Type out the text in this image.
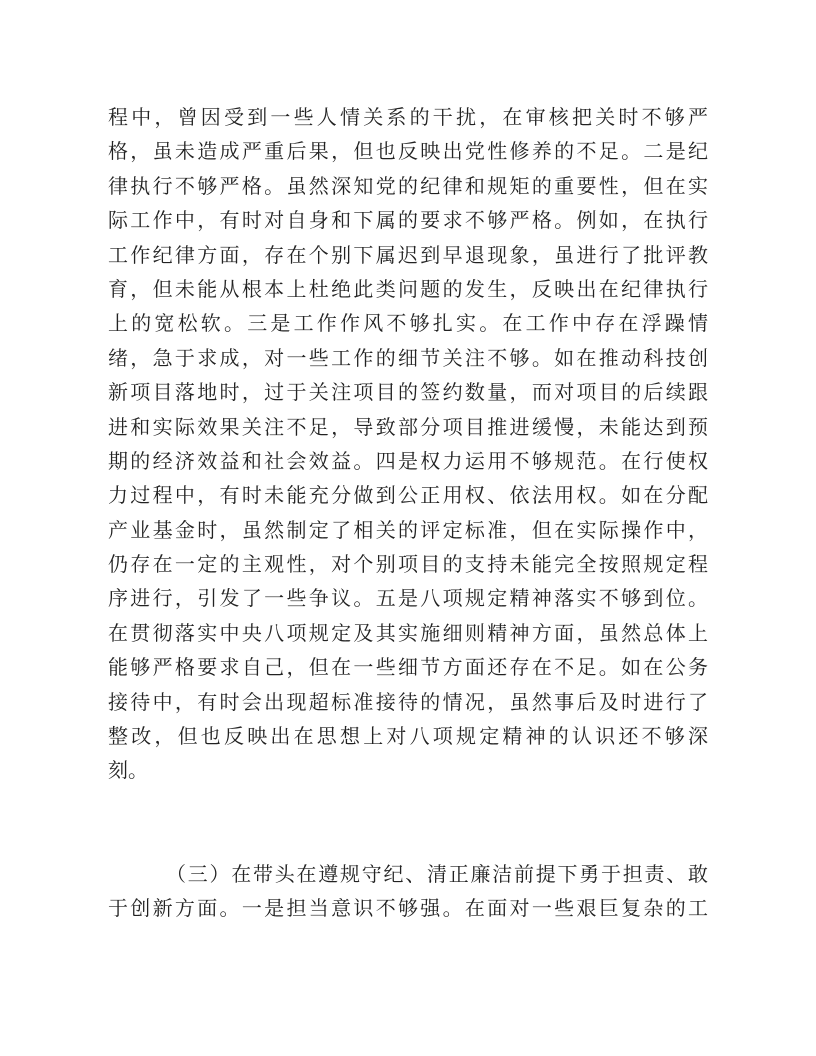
程中，曾因受到一些人情关系的干扰，在审核把关时不够严
格，虽未造成严重后果，但也反映出党性修养的不足。二是纪
律执行不够严格。虽然深知党的纪律和规矩的重要性，但在实
际工作中，有时对自身和下属的要求不够严格。例如，在执行
工作纪律方面，存在个别下属迟到早退现象，虽进行了批评教
育，但未能从根本上杜绝此类问题的发生，反映出在纪律执行
上的宽松软。三是工作作风不够扎实。在工作中存在浮躁情
绪，急于求成，对一些工作的细节关注不够。如在推动科技创
新项目落地时，过于关注项目的签约数量，而对项目的后续跟
进和实际效果关注不足，导致部分项目推进缓慢，未能达到预
期的经济效益和社会效益。四是权力运用不够规范。在行使权
力过程中，有时未能充分做到公正用权、依法用权。如在分配
产业基金时，虽然制定了相关的评定标准，但在实际操作中，
仍存在一定的主观性，对个别项目的支持未能完全按照规定程
序进行，引发了一些争议。五是八项规定精神落实不够到位。
在贯彻落实中央八项规定及其实施细则精神方面，虽然总体上
能够严格要求自己，但在一些细节方面还存在不足。如在公务
接待中，有时会出现超标准接待的情况，虽然事后及时进行了
整改，但也反映出在思想上对八项规定精神的认识还不够深
刻。
（三）在带头在遵规守纪、清正廉洁前提下勇于担责、敢
于创新方面。一是担当意识不够强。在面对一些艰巨复杂的工
